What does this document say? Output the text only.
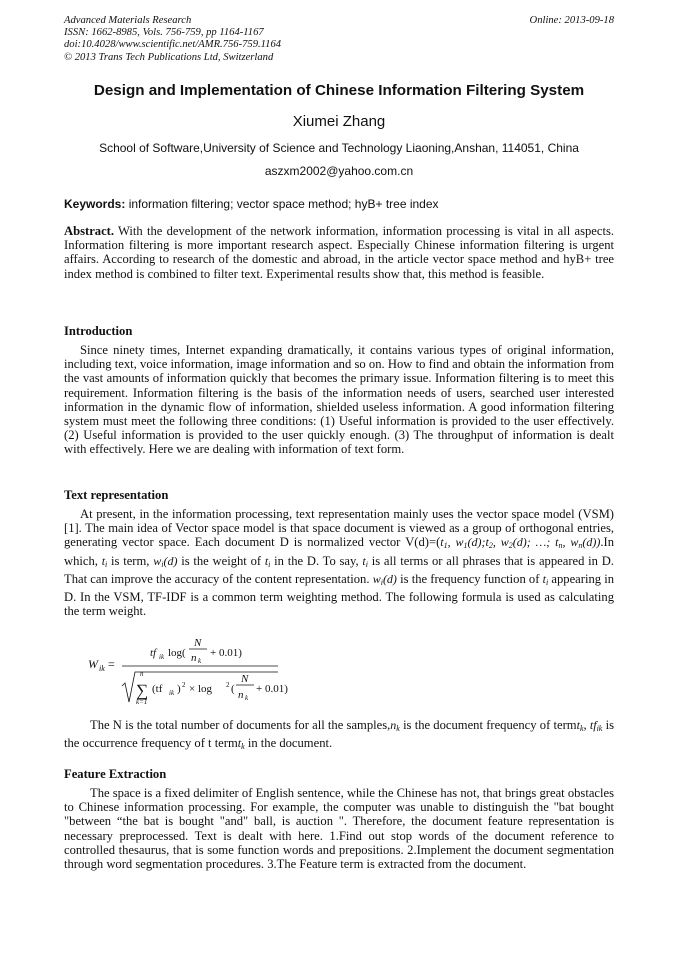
Advanced Materials Research
ISSN: 1662-8985, Vols. 756-759, pp 1164-1167
doi:10.4028/www.scientific.net/AMR.756-759.1164
© 2013 Trans Tech Publications Ltd, Switzerland
Online: 2013-09-18
Design and Implementation of Chinese Information Filtering System
Xiumei Zhang
School of Software,University of Science and Technology Liaoning,Anshan, 114051, China
aszxm2002@yahoo.com.cn
Keywords: information filtering; vector space method; hyB+ tree index

Abstract. With the development of the network information, information processing is vital in all aspects. Information filtering is more important research aspect. Especially Chinese information filtering is urgent affairs. According to research of the domestic and abroad, in the article vector space method and hyB+ tree index method is combined to filter text. Experimental results show that, this method is feasible.

Introduction

Since ninety times, Internet expanding dramatically, it contains various types of original information, including text, voice information, image information and so on. How to find and obtain the information from the vast amounts of information quickly that becomes the primary issue. Information filtering is to meet this requirement. Information filtering is the basis of the information needs of users, searched user interested information in the dynamic flow of information, shielded useless information. A good information filtering system must meet the following three conditions: (1) Useful information is provided to the user effectively. (2) Useful information is provided to the user quickly enough. (3) The throughput of information is dealt with effectively. Here we are dealing with information of text form.

Text representation

At present, in the information processing, text representation mainly uses the vector space model (VSM)[1]. The main idea of Vector space model is that space document is viewed as a group of orthogonal entries, generating vector space. Each document D is normalized vector $V(d)=(t_1$, $w_1(d);t_2$, $w_2(d)$; …; $t_n$, $w_n(d)).In$ which, $t_i$ is term, $w_i(d)$ is the weight of $t_i$ in the D. To say, $t_i$ is all terms or all phrases that is appeared in D. That can improve the accuracy of the content representation. $w_i(d)$ is the frequency function of $t_i$ appearing in D. In the VSM, TF-IDF is a common term weighting method. The following formula is used as calculating the term weight.

W ik =
tf ik log(
N
n k
+ 0.01)
n
∑
k=1
(tf ik ) 2 × log 2 (
N
n k
+ 0.01)

The N is the total number of documents for all the $samples,n_k$ is the document frequency of termt$_k$, $tf_{ik}$ is the occurrence frequency of t termt$_k$ in the document.

Feature Extraction

The space is a fixed delimiter of English sentence, while the Chinese has not, that brings great obstacles to Chinese information processing. For example, the computer was unable to distinguish the "bat bought "between “the bat is bought "and" ball, is auction ". Therefore, the document feature representation is necessary preprocessed. Text is dealt with here. 1.Find out stop words of the document reference to controlled thesaurus, that is some function words and prepositions. 2.Implement the document segmentation through word segmentation procedures. 3.The Feature term is extracted from the document.
